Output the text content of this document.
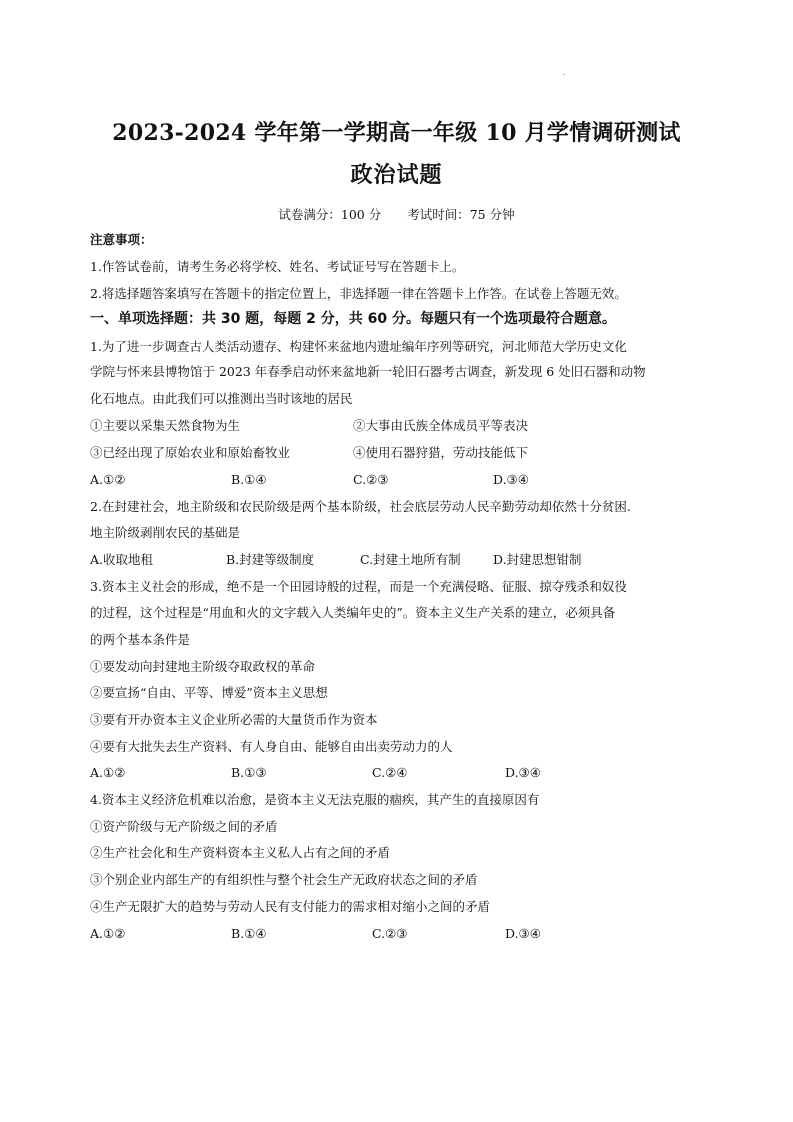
.
2023-2024 学年第一学期高一年级 10 月学情调研测试
政治试题
试卷满分：100 分 考试时间：75 分钟
注意事项：
1.作答试卷前，请考生务必将学校、姓名、考试证号写在答题卡上。
2.将选择题答案填写在答题卡的指定位置上，非选择题一律在答题卡上作答。在试卷上答题无效。
一、单项选择题：共 30 题，每题 2 分，共 60 分。每题只有一个选项最符合题意。
1.为了进一步调查古人类活动遗存、构建怀来盆地内遗址编年序列等研究，河北师范大学历史文化
学院与怀来县博物馆于 2023 年春季启动怀来盆地新一轮旧石器考古调查，新发现 6 处旧石器和动物
化石地点。由此我们可以推测出当时该地的居民
①主要以采集天然食物为生	②大事由氏族全体成员平等表决
③已经出现了原始农业和原始畜牧业	④使用石器狩猎，劳动技能低下
A.①②	B.①④	C.②③	D.③④
2.在封建社会，地主阶级和农民阶级是两个基本阶级，社会底层劳动人民辛勤劳动却依然十分贫困.
地主阶级剥削农民的基础是
A.收取地租	B.封建等级制度	C.封建土地所有制	D.封建思想钳制
3.资本主义社会的形成，绝不是一个田园诗般的过程，而是一个充满侵略、征服、掠夺残杀和奴役
的过程，这个过程是“用血和火的文字载入人类编年史的”。资本主义生产关系的建立，必须具备
的两个基本条件是
①要发动向封建地主阶级夺取政权的革命
②要宣扬“自由、平等、博爱”资本主义思想
③要有开办资本主义企业所必需的大量货币作为资本
④要有大批失去生产资料、有人身自由、能够自由出卖劳动力的人
A.①②	B.①③	C.②④	D.③④
4.资本主义经济危机难以治愈，是资本主义无法克服的痼疾，其产生的直接原因有
①资产阶级与无产阶级之间的矛盾
②生产社会化和生产资料资本主义私人占有之间的矛盾
③个别企业内部生产的有组织性与整个社会生产无政府状态之间的矛盾
④生产无限扩大的趋势与劳动人民有支付能力的需求相对缩小之间的矛盾
A.①②	B.①④	C.②③	D.③④
